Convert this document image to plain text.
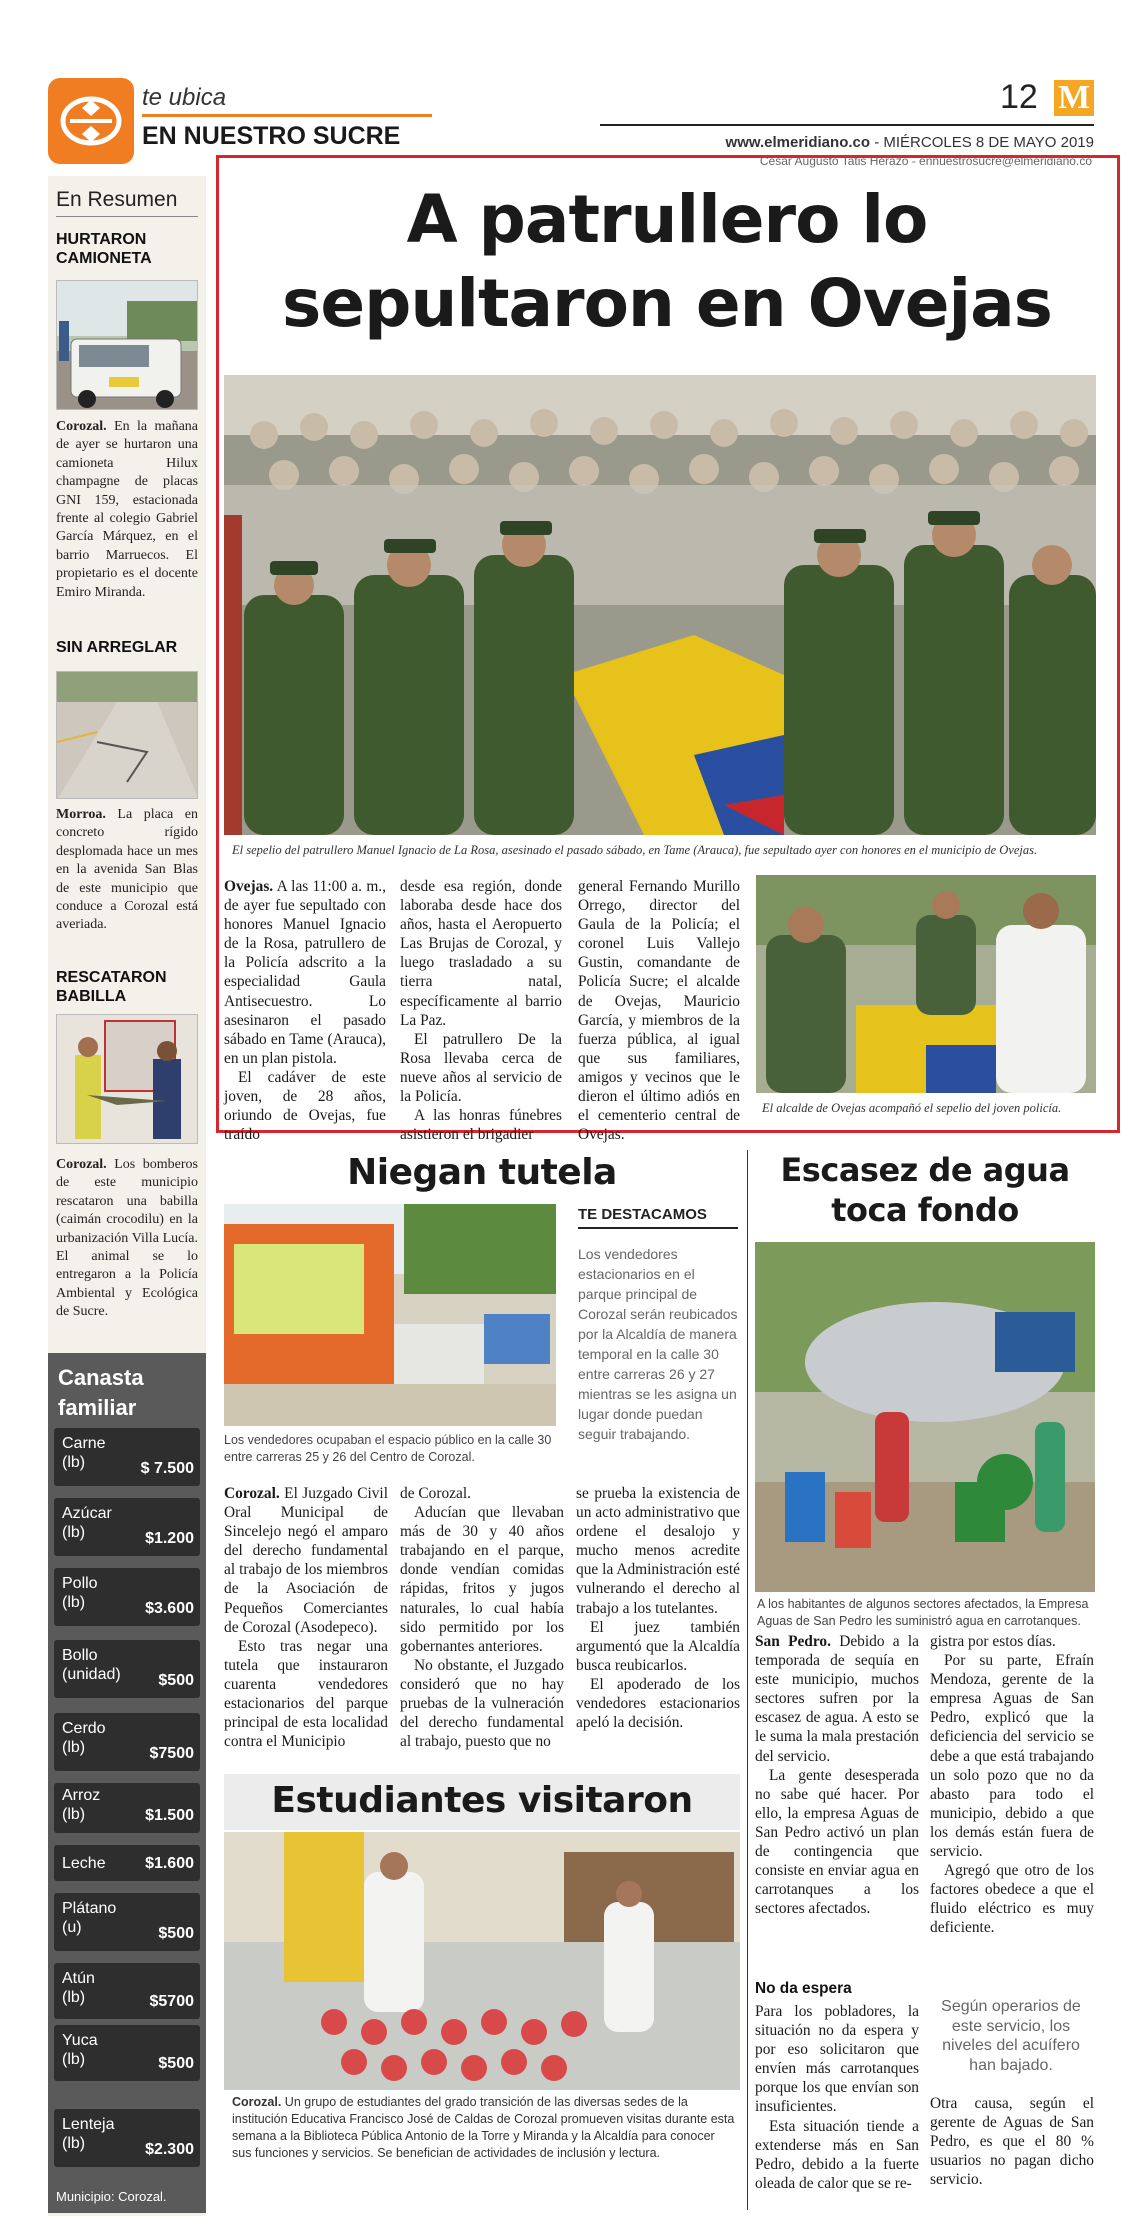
te ubica
EN NUESTRO SUCRE
12 M
www.elmeridiano.co - MIÉRCOLES 8 DE MAYO 2019
César Augusto Tatis Herazo - ennuestrosucre@elmeridiano.co
En Resumen
HURTARON CAMIONETA
Corozal. En la mañana de ayer se hurtaron una camioneta Hilux champagne de placas GNI 159, estacionada frente al colegio Gabriel García Márquez, en el barrio Marruecos. El propietario es el docente Emiro Miranda.
SIN ARREGLAR
Morroa. La placa en concreto rígido desplomada hace un mes en la avenida San Blas de este municipio que conduce a Corozal está averiada.
RESCATARON BABILLA
Corozal. Los bomberos de este municipio rescataron una babilla (caimán crocodilu) en la urbanización Villa Lucía. El animal se lo entregaron a la Policía Ambiental y Ecológica de Sucre.
Canasta
familiar
Carne
(lb)	$ 7.500
Azúcar
(lb)	$1.200
Pollo
(lb)	$3.600
Bollo
(unidad) $500
Cerdo
(lb)	$7500
Arroz
(lb)	$1.500
Leche $1.600
Plátano
(u)	$500
Atún
(lb)	$5700
Yuca
(lb)	$500
Lenteja
(lb)	$2.300
Municipio: Corozal.
A patrullero lo sepultaron en Ovejas
El sepelio del patrullero Manuel Ignacio de La Rosa, asesinado el pasado sábado, en Tame (Arauca), fue sepultado ayer con honores en el municipio de Ovejas.

Ovejas. A las 11:00 a. m., de ayer fue sepultado con honores Manuel Ignacio de la Rosa, patrullero de la Policía adscrito a la especialidad Gaula Antisecuestro. Lo asesinaron el pasado sábado en Tame (Arauca), en un plan pistola.

El cadáver de este joven, de 28 años, oriundo de Ovejas, fue traído

desde esa región, donde laboraba desde hace dos años, hasta el Aeropuerto Las Brujas de Corozal, y luego trasladado a su tierra natal, específicamente al barrio La Paz.

El patrullero De la Rosa llevaba cerca de nueve años al servicio de la Policía.

A las honras fúnebres asistieron el brigadier

general Fernando Murillo Orrego, director del Gaula de la Policía; el coronel Luis Vallejo Gustin, comandante de Policía Sucre; el alcalde de Ovejas, Mauricio García, y miembros de la fuerza pública, al igual que sus familiares, amigos y vecinos que le dieron el último adiós en el cementerio central de Ovejas.

El alcalde de Ovejas acompañó el sepelio del joven policía.
Niegan tutela
TE DESTACAMOS
Los vendedores estacionarios en el parque principal de Corozal serán reubicados por la Alcaldía de manera temporal en la calle 30 entre carreras 26 y 27 mientras se les asigna un lugar donde puedan seguir trabajando.
Los vendedores ocupaban el espacio público en la calle 30 entre carreras 25 y 26 del Centro de Corozal.

Corozal. El Juzgado Civil Oral Municipal de Sincelejo negó el amparo del derecho fundamental al trabajo de los miembros de la Asociación de Pequeños Comerciantes de Corozal (Asodepeco).

Esto tras negar una tutela que instauraron cuarenta vendedores estacionarios del parque principal de esta localidad contra el Municipio

de Corozal.

Aducían que llevaban más de 30 y 40 años trabajando en el parque, donde vendían comidas rápidas, fritos y jugos naturales, lo cual había sido permitido por los gobernantes anteriores.

No obstante, el Juzgado consideró que no hay pruebas de la vulneración del derecho fundamental al trabajo, puesto que no

se prueba la existencia de un acto administrativo que ordene el desalojo y mucho menos acredite que la Administración esté vulnerando el derecho al trabajo a los tutelantes.

El juez también argumentó que la Alcaldía busca reubicarlos.

El apoderado de los vendedores estacionarios apeló la decisión.

Estudiantes visitaron
Corozal. Un grupo de estudiantes del grado transición de las diversas sedes de la institución Educativa Francisco José de Caldas de Corozal promueven visitas durante esta semana a la Biblioteca Pública Antonio de la Torre y Miranda y la Alcaldía para conocer sus funciones y servicios. Se benefician de actividades de inclusión y lectura.
Escasez de agua
toca fondo
A los habitantes de algunos sectores afectados, la Empresa Aguas de San Pedro les suministró agua en carrotanques.

San Pedro. Debido a la temporada de sequía en este municipio, muchos sectores sufren por la escasez de agua. A esto se le suma la mala prestación del servicio.

La gente desesperada no sabe qué hacer. Por ello, la empresa Aguas de San Pedro activó un plan de contingencia que consiste en enviar agua en carrotanques a los sectores afectados.

No da espera

Para los pobladores, la situación no da espera y por eso solicitaron que envíen más carrotanques porque los que envían son insuficientes.

Esta situación tiende a extenderse más en San Pedro, debido a la fuerte oleada de calor que se re-

gistra por estos días.

Por su parte, Efraín Mendoza, gerente de la empresa Aguas de San Pedro, explicó que la deficiencia del servicio se debe a que está trabajando un solo pozo que no da abasto para todo el municipio, debido a que los demás están fuera de servicio.

Agregó que otro de los factores obedece a que el fluido eléctrico es muy deficiente.

Según operarios de este servicio, los niveles del acuífero han bajado.

Otra causa, según el gerente de Aguas de San Pedro, es que el 80 % usuarios no pagan dicho servicio.
